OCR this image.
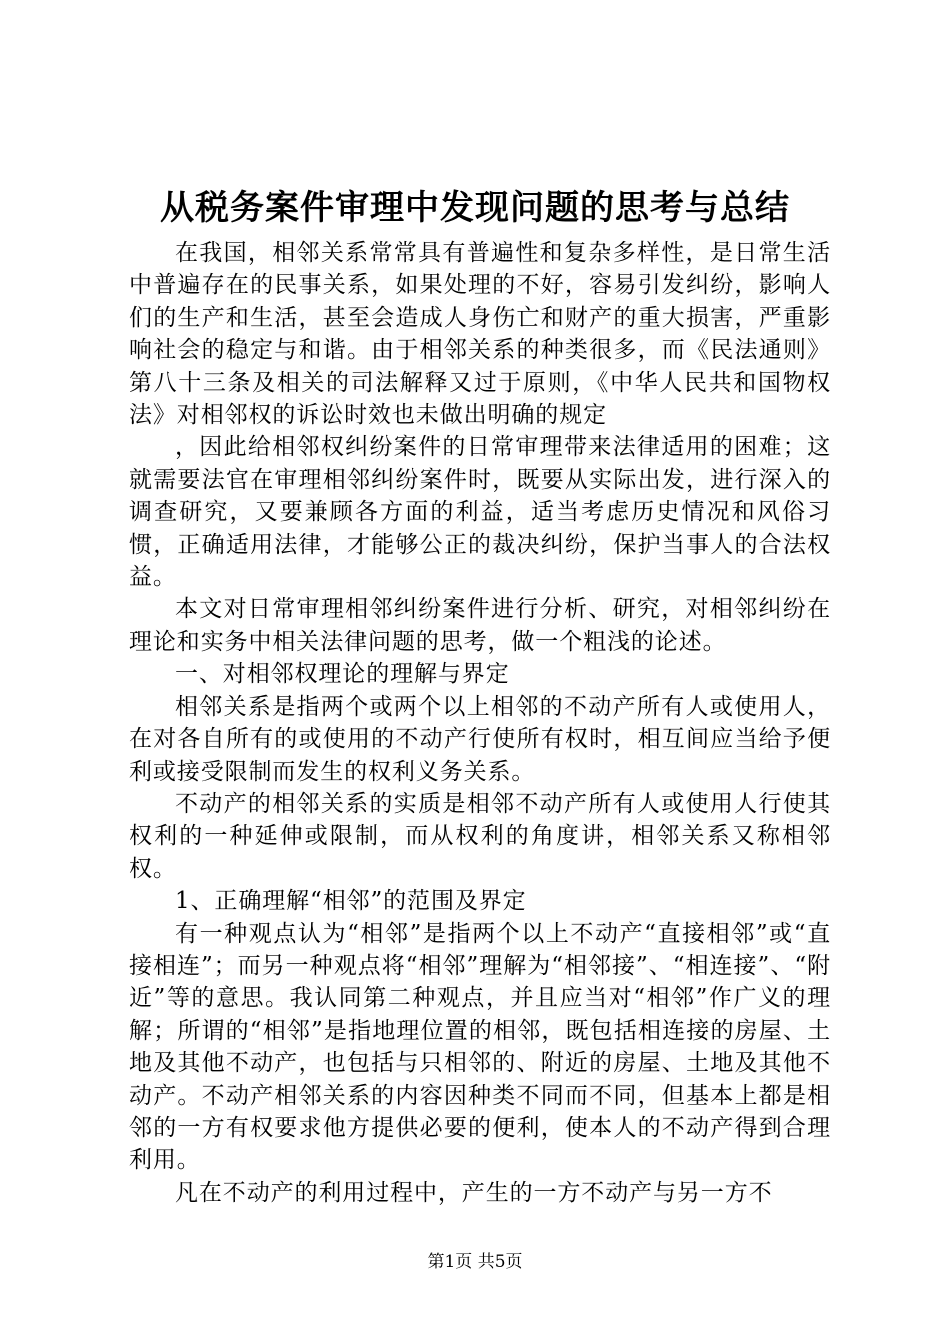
从税务案件审理中发现问题的思考与总结

在我国，相邻关系常常具有普遍性和复杂多样性，是日常生活中普遍存在的民事关系，如果处理的不好，容易引发纠纷，影响人们的生产和生活，甚至会造成人身伤亡和财产的重大损害，严重影响社会的稳定与和谐。由于相邻关系的种类很多，而《民法通则》第八十三条及相关的司法解释又过于原则，《中华人民共和国物权法》对相邻权的诉讼时效也未做出明确的规定

，因此给相邻权纠纷案件的日常审理带来法律适用的困难；这就需要法官在审理相邻纠纷案件时，既要从实际出发，进行深入的调查研究，又要兼顾各方面的利益，适当考虑历史情况和风俗习惯，正确适用法律，才能够公正的裁决纠纷，保护当事人的合法权益。

本文对日常审理相邻纠纷案件进行分析、研究，对相邻纠纷在理论和实务中相关法律问题的思考，做一个粗浅的论述。

一、对相邻权理论的理解与界定

相邻关系是指两个或两个以上相邻的不动产所有人或使用人，在对各自所有的或使用的不动产行使所有权时，相互间应当给予便利或接受限制而发生的权利义务关系。

不动产的相邻关系的实质是相邻不动产所有人或使用人行使其权利的一种延伸或限制，而从权利的角度讲，相邻关系又称相邻权。

1、正确理解“相邻”的范围及界定

有一种观点认为“相邻”是指两个以上不动产“直接相邻”或“直接相连”；而另一种观点将“相邻”理解为“相邻接”、“相连接”、“附近”等的意思。我认同第二种观点，并且应当对“相邻”作广义的理解；所谓的“相邻”是指地理位置的相邻，既包括相连接的房屋、土地及其他不动产，也包括与只相邻的、附近的房屋、土地及其他不动产。不动产相邻关系的内容因种类不同而不同，但基本上都是相邻的一方有权要求他方提供必要的便利，使本人的不动产得到合理利用。

凡在不动产的利用过程中，产生的一方不动产与另一方不

第1页 共5页
